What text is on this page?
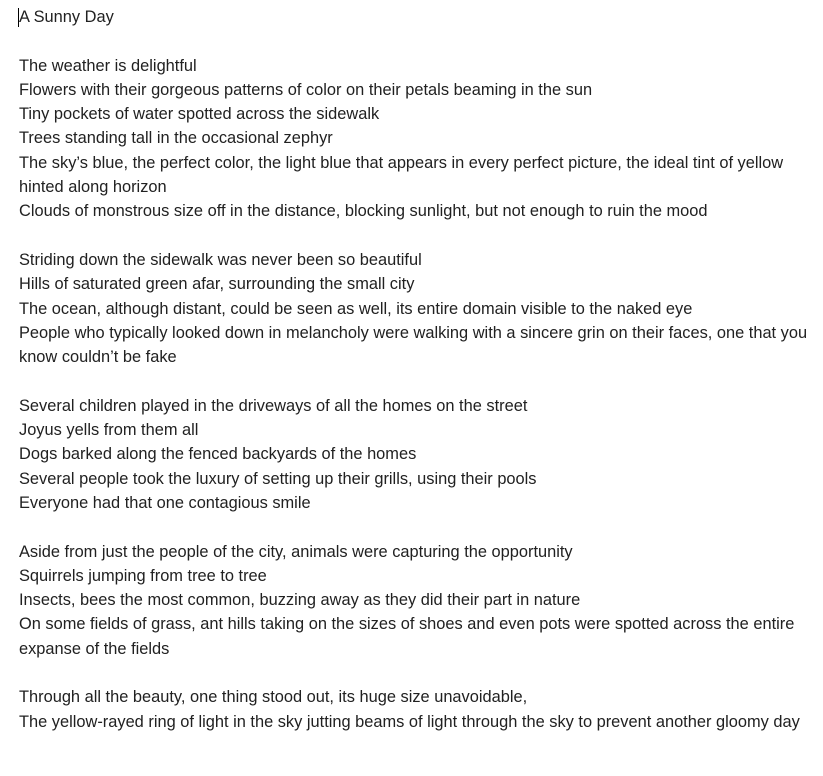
A Sunny Day

The weather is delightful

Flowers with their gorgeous patterns of color on their petals beaming in the sun

Tiny pockets of water spotted across the sidewalk

Trees standing tall in the occasional zephyr

The sky’s blue, the perfect color, the light blue that appears in every perfect picture, the ideal tint of yellow hinted along horizon

Clouds of monstrous size off in the distance, blocking sunlight, but not enough to ruin the mood

Striding down the sidewalk was never been so beautiful

Hills of saturated green afar, surrounding the small city

The ocean, although distant, could be seen as well, its entire domain visible to the naked eye

People who typically looked down in melancholy were walking with a sincere grin on their faces, one that you know couldn’t be fake

Several children played in the driveways of all the homes on the street

Joyus yells from them all

Dogs barked along the fenced backyards of the homes

Several people took the luxury of setting up their grills, using their pools

Everyone had that one contagious smile

Aside from just the people of the city, animals were capturing the opportunity

Squirrels jumping from tree to tree

Insects, bees the most common, buzzing away as they did their part in nature

On some fields of grass, ant hills taking on the sizes of shoes and even pots were spotted across the entire expanse of the fields

Through all the beauty, one thing stood out, its huge size unavoidable,

The yellow-rayed ring of light in the sky jutting beams of light through the sky to prevent another gloomy day
